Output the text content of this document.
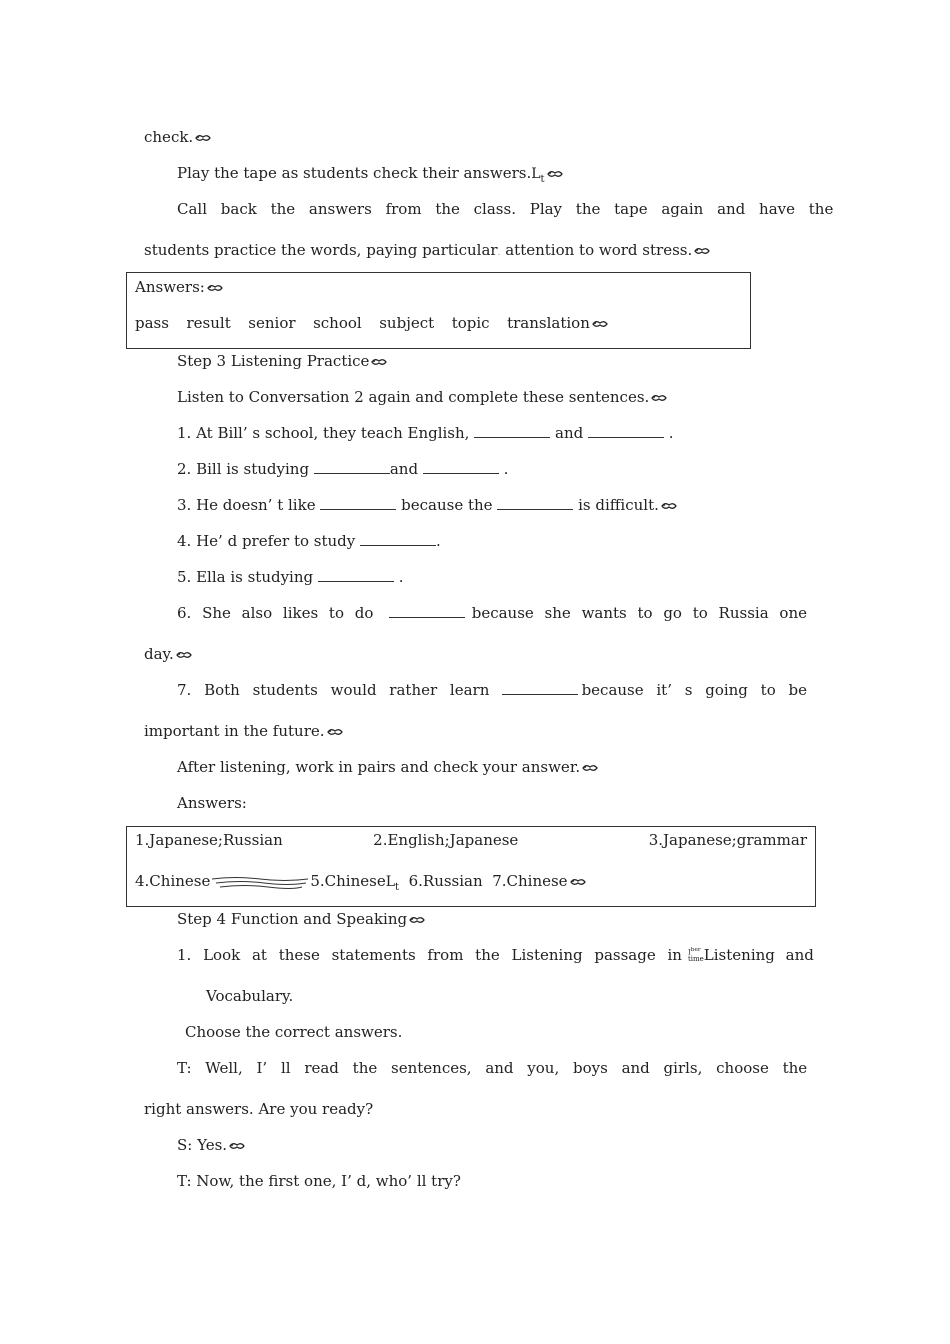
check.
Play the tape as students check their $answers.L_t$
Call back the answers from the class. Play the tape again and have the
students practice the words, paying particular. attention to word stress.
Answers:
pass result senior school subject topic translation
Step 3 Listening Practice
Listen to Conversation 2 again and complete these sentences.
1. At Bill’ s school, they teach English,	and	.
2. Bill is studying	and	.
3. He doesn’ t like	because the	is difficult.
4. He’ d prefer to study	.
5. Ella is studying	.
6. She also likes to do	because she wants to go to Russia one
day.
7. Both students would rather learn	because it’ s going to be
important in the future.
After listening, work in pairs and check your answer.
Answers:
1.Japanese;Russian	2.English;Japanese	3.Japanese;grammar
4.Chinese	5.ChineseL$_t$ 6.Russian 7.Chinese
Step 4 Function and Speaking
1. Look at these statements from the Listening passage in $I^{ber}$
time Listening and
Vocabulary.
Choose the correct answers.
T: Well, I’ ll read the sentences, and you, boys and girls, choose the
right answers. Are you ready?
S: Yes.
T: Now, the first one, I’ d, who’ ll try?
